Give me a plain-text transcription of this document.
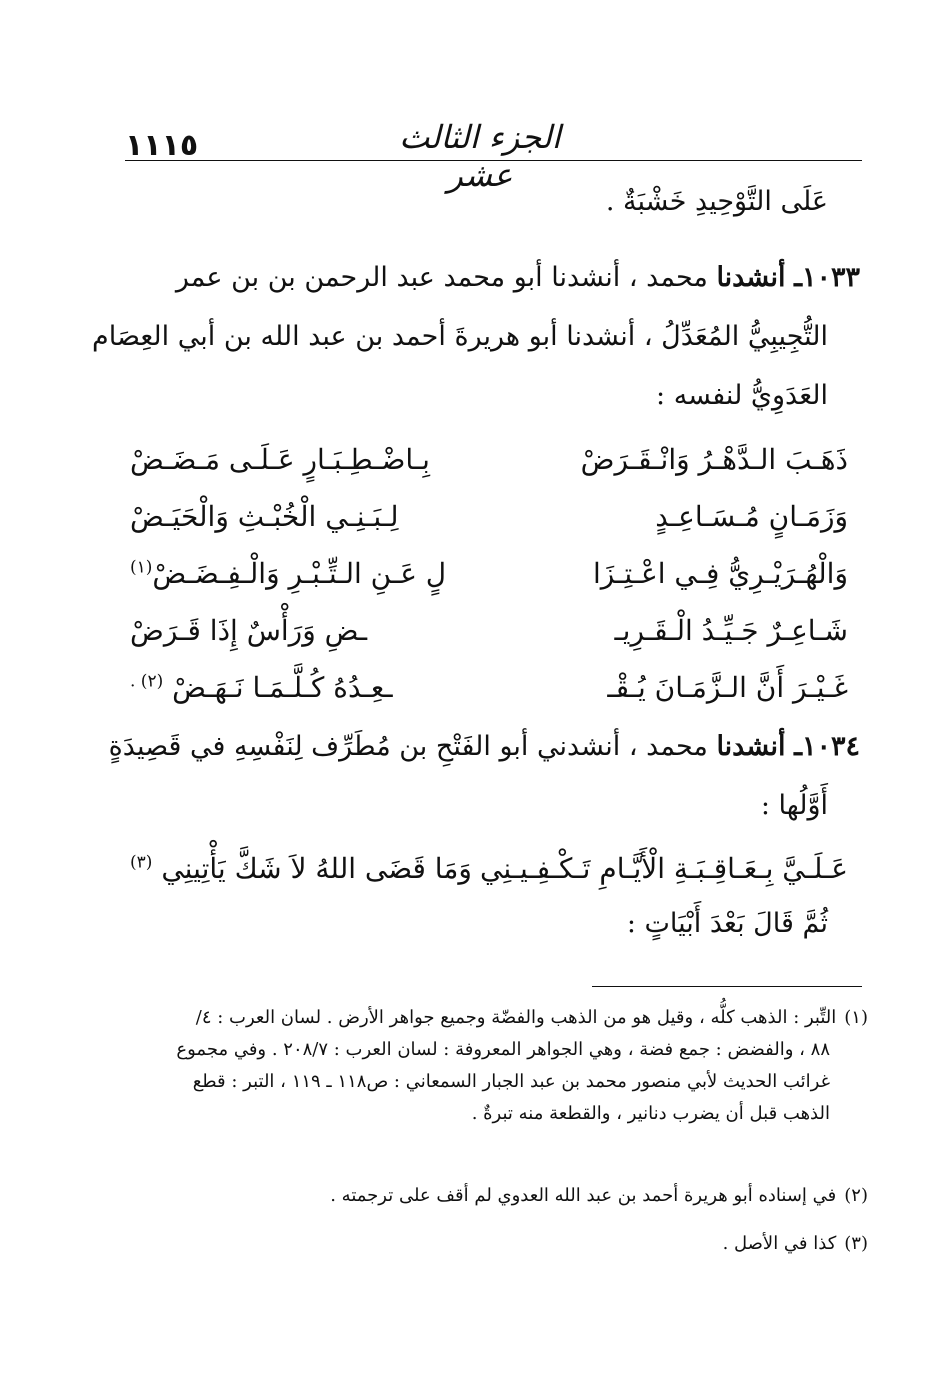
١١١٥	الجزء الثالث عشر
عَلَى التَّوْحِيدِ خَشْبَةٌ .
١٠٣٣ـ أنشدنا محمد ، أنشدنا أبو محمد عبد الرحمن بن بن عمر
التُّجِيبِيُّ المُعَدِّلُ ، أنشدنا أبو هريرةَ أحمد بن عبد الله بن أبي العِصَام
العَدَوِيُّ لنفسه :
ذَهَـبَ الـدَّهْـرُ وَانْـقَـرَضْ
بِـاضْـطِـبَـارٍ عَـلَـى مَـضَـضْ
وَزَمَـانٍ مُـسَـاعِـدٍ
لِـبَـنِـي الْخُبْـثِ وَالْحَيَـضْ
وَالْهُـرَيْـرِيُّ فِـي اعْـتِـزَا
لٍ عَـنِ الـتِّـبْـرِ وَالْـفِـضَـضْ$^{(١)}$
شَـاعِـرٌ جَـيِّـدُ الْـقَـرِيـ
ـضِ وَرَأْسٌ إِذَا قَـرَضْ
غَـيْـرَ أَنَّ الـزَّمَـانَ يُـقْـ
ـعِـدُهُ كُـلَّـمَـا نَـهَـضْ $^{(٢) .}$
١٠٣٤ـ أنشدنا محمد ، أنشدني أبو الفَتْحِ بن مُطَرِّف لِنَفْسِهِ في قَصِيدَةٍ
أَوَّلُها :
عَـلَـيَّ بِـعَـاقِـبَـةِ الْأَيَّـامِ تَـكْـفِـيـنِي
وَمَا قَضَى اللهُ لاَ شَكَّ يَأْتِينِي $^{(٣)}$
ثُمَّ قَالَ بَعْدَ أَبْيَاتٍ :
(١)التِّبر : الذهب كلُّه ، وقيل هو من الذهب والفضّة وجميع جواهر الأرض . لسان العرب : ٤/
٨٨ ، والفضض : جمع فضة ، وهي الجواهر المعروفة : لسان العرب : ٢٠٨/٧ . وفي مجموع
غرائب الحديث لأبي منصور محمد بن عبد الجبار السمعاني : ص١١٨ ـ ١١٩ ، التبر : قطع
الذهب قبل أن يضرب دنانير ، والقطعة منه تبرةٌ .
(٢)في إسناده أبو هريرة أحمد بن عبد الله العدوي لم أقف على ترجمته .
(٣)كذا في الأصل .
